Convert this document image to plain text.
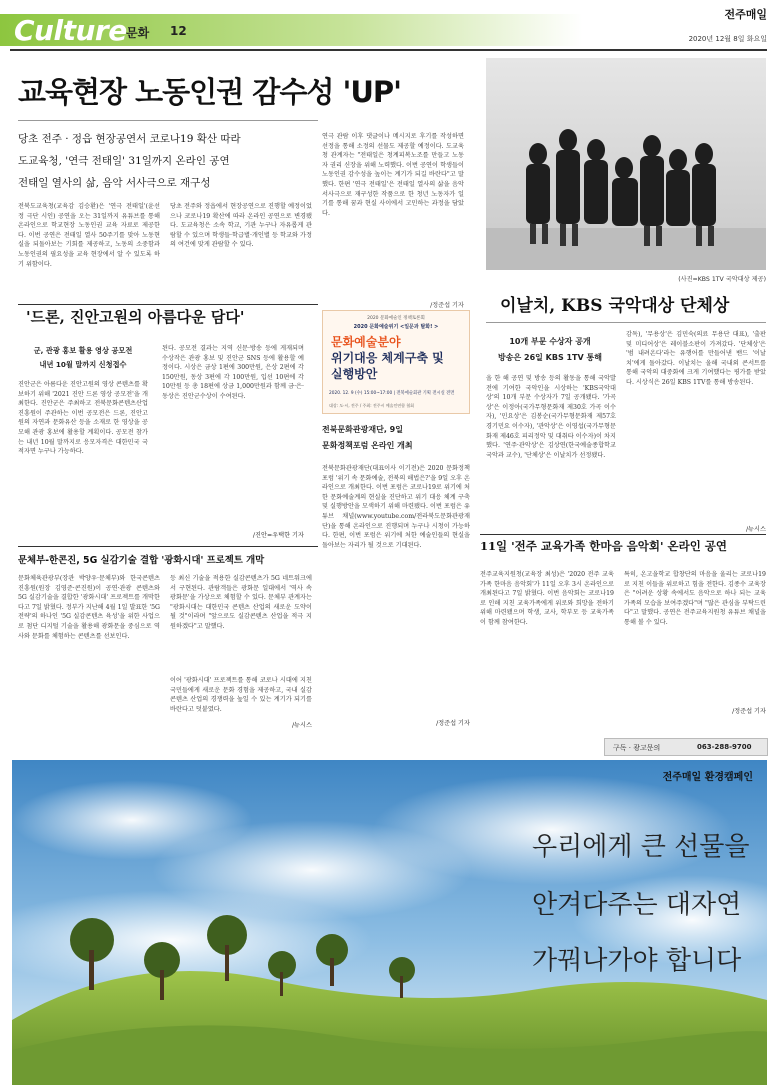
Culture 문화 12
전주매일
2020년 12월 8일 화요일
교육현장 노동인권 감수성 'UP'
당초 전주 · 정읍 현장공연서 코로나19 확산 따라
도교육청, '연극 전태일' 31일까지 온라인 공연
전태일 열사의 삶, 음악 서사극으로 재구성
전북도교육청(교육감 김승환)은 '연극 전태일'(윤선정 극단 시인) 공연을 오는 31일까지 유튜브를 통해 온라인으로 학교현장 노동인권 교육 자료로 제공한다. 이번 공연은 전태일 열사 50주기를 맞아 노동현실을 되돌아보는 기회를 제공하고, 노동의 소중함과 노동인권의 필요성을 교육 현장에서 알 수 있도록 하기 위함이다.
당초 전주와 정읍에서 현장공연으로 진행할 예정이었으나 코로나19 확산에 따라 온라인 공연으로 변경됐다. 도교육청은 소속 학교, 기관 누구나 자유롭게 관람할 수 있으며 학생들·학급별·개인별 등 학교와 가정의 여건에 맞게 관람할 수 있다.
연극 관람 이후 댓글이나 메시지로 후기를 작성하면 선정을 통해 소정의 선물도 제공할 예정이다. 도교육청 관계자는 "전태일은 청계피복노조를 만들고 노동자 권리 신장을 위해 노력했다. 이번 공연이 학생들이 노동인권 감수성을 높이는 계기가 되길 바란다"고 말했다. 한편 '연극 전태일'은 전태일 열사의 삶을 음악 서사극으로 재구성한 작품으로 한 청년 노동자가 일기를 통해 꿈과 현실 사이에서 고민하는 과정을 담았다.
/정준섭 기자
(사진=KBS 1TV 국악대상 제공)
이날치, KBS 국악대상 단체상
10개 부문 수상자 공개
방송은 26일 KBS 1TV 통해
올 한 해 공연 및 방송 등의 활동을 통해 국악발전에 기여한 국악인을 시상하는 'KBS국악대상'의 10개 부문 수상자가 7일 공개됐다. '가곡상'은 이정아(국가무형문화재 제30호 가곡 이수자), '민요상'은 김봉순(국가무형문화재 제57호 경기민요 이수자), '관악상'은 이영섭(국가무형문화재 제46호 피리정악 및 대취타 이수자)이 차지했다. '연주·관악상'은 김상연(한국예술종합학교 국악과 교수), '단체상'은 이날치가 선정됐다.
감독), '무용상'은 김민숙(의료 무용단 대표), '출판 및 미디어상'은 레이블소판이 가져갔다. '단체상'은 '범 내려온다'라는 유행어를 만들어낸 밴드 '이날치'에게 돌아갔다. 이날치는 올해 국내외 콘서트를 통해 국악의 대중화에 크게 기여했다는 평가를 받았다. 시상식은 26일 KBS 1TV를 통해 방송된다.
/뉴시스
'드론, 진안고원의 아름다운 담다'
군, 관광 홍보 활용 영상 공모전
내년 10월 말까지 신청접수
진안군은 아름다운 진안고원의 영상 콘텐츠를 확보하기 위해 '2021 진안 드론 영상 공모전'을 개최한다. 진안군은 주최하고 전북문화콘텐츠산업진흥원이 주관하는 이번 공모전은 드론, 진안고원의 자연과 문화유산 등을 소재로 한 영상을 공모해 관광 홍보에 활용할 계획이다. 공모전 참가는 내년 10월 말까지로 응모자격은 대한민국 국적자면 누구나 가능하다.
된다. 공모전 결과는 지역 신문·방송 등에 게재되며 수상작은 관광 홍보 및 진안군 SNS 등에 활용할 예정이다. 시상은 금상 1편에 300만원, 은상 2편에 각 150만원, 동상 3편에 각 100만원, 입선 10편에 각 10만원 등 총 18편에 상금 1,000만원과 함께 금·은·동상은 진안군수상이 수여된다.
/진안=우택한 기자
2020 문화예술인 정책토론회
2020 문화예술위기 <일문과 탈화! >
문화예술분야
위기대응 체계구축 및
실행방안
2020. 12. 9 (수) 15:00~17:00 | 전북예술회관 기획 전시실 전면
대상: 도·시, 전주 / 주최: 전주시 예술인연합 협회
전북문화관광재단, 9일
문화정책포럼 온라인 개최
전북문화관광재단(대표이사 이기전)은 2020 문화정책포럼 '위기 속 문화예술, 전북의 해법은?'을 9일 오후 온라인으로 개최한다. 이번 포럼은 코로나19로 위기에 처한 문화예술계의 현실을 진단하고 위기 대응 체계 구축 및 실행방안을 모색하기 위해 마련됐다. 이번 포럼은 유튜브 채널(www.youtube.com/전라북도문화관광재단)을 통해 온라인으로 진행되며 누구나 시청이 가능하다. 한편, 이번 포럼은 위기에 처한 예술인들의 현실을 돌아보는 자리가 될 것으로 기대된다.
/정준섭 기자
문체부-한콘진, 5G 실감기술 결합 '광화시대' 프로젝트 개막
문화체육관광부(장관 박양우·문체부)와 한국콘텐츠진흥원(원장 김영준·콘진원)이 공연·관광 콘텐츠와 5G 실감기술을 결합한 '광화시대' 프로젝트를 개막한다고 7일 밝혔다. 정부가 지난해 4월 1일 발표한 '5G전략'의 하나인 '5G 실감콘텐츠 육성'을 위한 사업으로 첨단 디지털 기술을 활용해 광화문을 중심으로 역사와 문화를 체험하는 콘텐츠를 선보인다.
등 최신 기술을 적용한 실감콘텐츠가 5G 네트워크에서 구현된다. 관람객들은 광화문 일대에서 '역사 속 광화문'을 가상으로 체험할 수 있다. 문체부 관계자는 "광화시대는 대한민국 콘텐츠 산업의 새로운 도약이 될 것"이라며 "앞으로도 실감콘텐츠 산업을 적극 지원하겠다"고 말했다.
이어 '광화시대' 프로젝트를 통해 코로나 시대에 지친 국민들에게 새로운 문화 경험을 제공하고, 국내 실감콘텐츠 산업의 경쟁력을 높일 수 있는 계기가 되기를 바란다고 덧붙였다.
/뉴시스
11일 '전주 교육가족 한마음 음악회' 온라인 공연
전주교육지원청(교육장 최성)은 '2020 전주 교육가족 한마음 음악회'가 11일 오후 3시 온라인으로 개최된다고 7일 밝혔다. 이번 음악회는 코로나19로 인해 지친 교육가족에게 위로와 희망을 전하기 위해 마련됐으며 학생, 교사, 학부모 등 교육가족이 함께 참여한다.
특히, 온고을학교 합창단의 마음을 울리는 코로나19로 지친 이들을 위로하고 힘을 전한다. 김종수 교육장은 "어려운 상황 속에서도 음악으로 하나 되는 교육가족의 모습을 보여주겠다"며 "많은 관심을 부탁드린다"고 말했다. 공연은 전주교육지원청 유튜브 채널을 통해 볼 수 있다.
/정준섭 기자
구독 · 광고문의	063-288-9700
전주매일 환경캠페인
우리에게 큰 선물을
안겨다주는 대자연
가꿔나가야 합니다
